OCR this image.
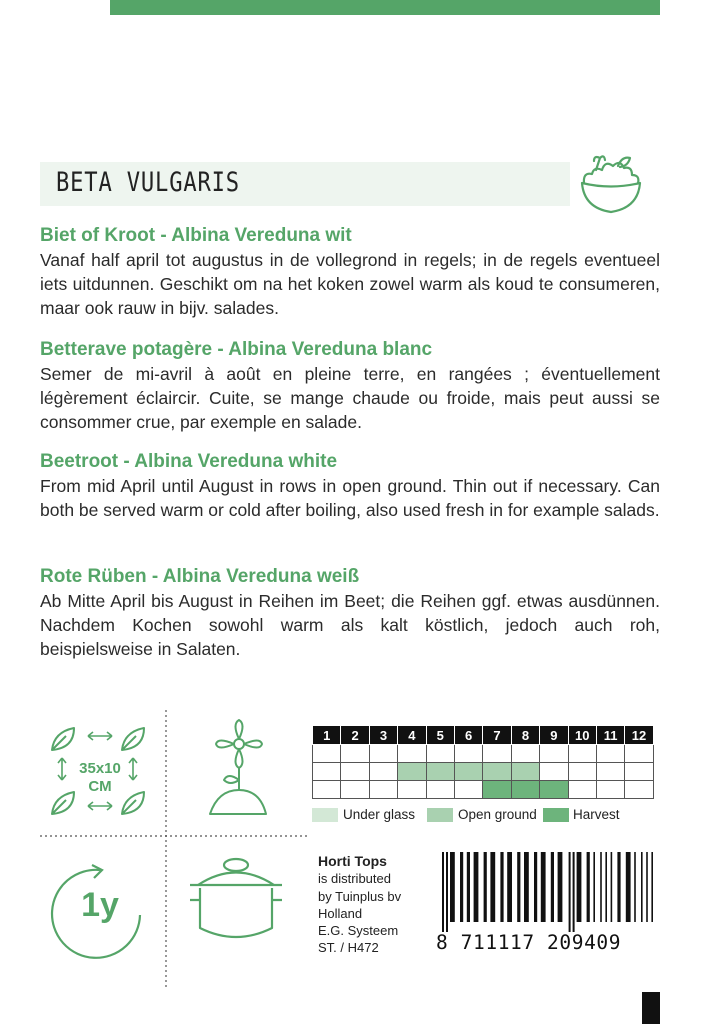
BETA VULGARIS
Biet of Kroot - Albina Vereduna wit

Vanaf half april tot augustus in de vollegrond in regels; in de regels eventueel iets uitdunnen. Geschikt om na het koken zowel warm als koud te consumeren, maar ook rauw in bijv. salades.

Betterave potagère - Albina Vereduna blanc

Semer de mi-avril à août en pleine terre, en rangées ; éventuellement légèrement éclaircir. Cuite, se mange chaude ou froide, mais peut aussi se consommer crue, par exemple en salade.

Beetroot - Albina Vereduna white

From mid April until August in rows in open ground. Thin out if necessary. Can both be served warm or cold after boiling, also used fresh in for example salads.

Rote Rüben - Albina Vereduna weiß

Ab Mitte April bis August in Reihen im Beet; die Reihen ggf. etwas ausdünnen. Nachdem Kochen sowohl warm als kalt köstlich, jedoch auch roh, beispielsweise in Salaten.

35x10
CM
1y
1	2	3	4	5	6	7	8	9	10	11	12

Under glass	Open ground	Harvest
Horti Tops
is distributed
by Tuinplus bv
Holland
E.G. Systeem
ST. / H472	8 711117 209409
